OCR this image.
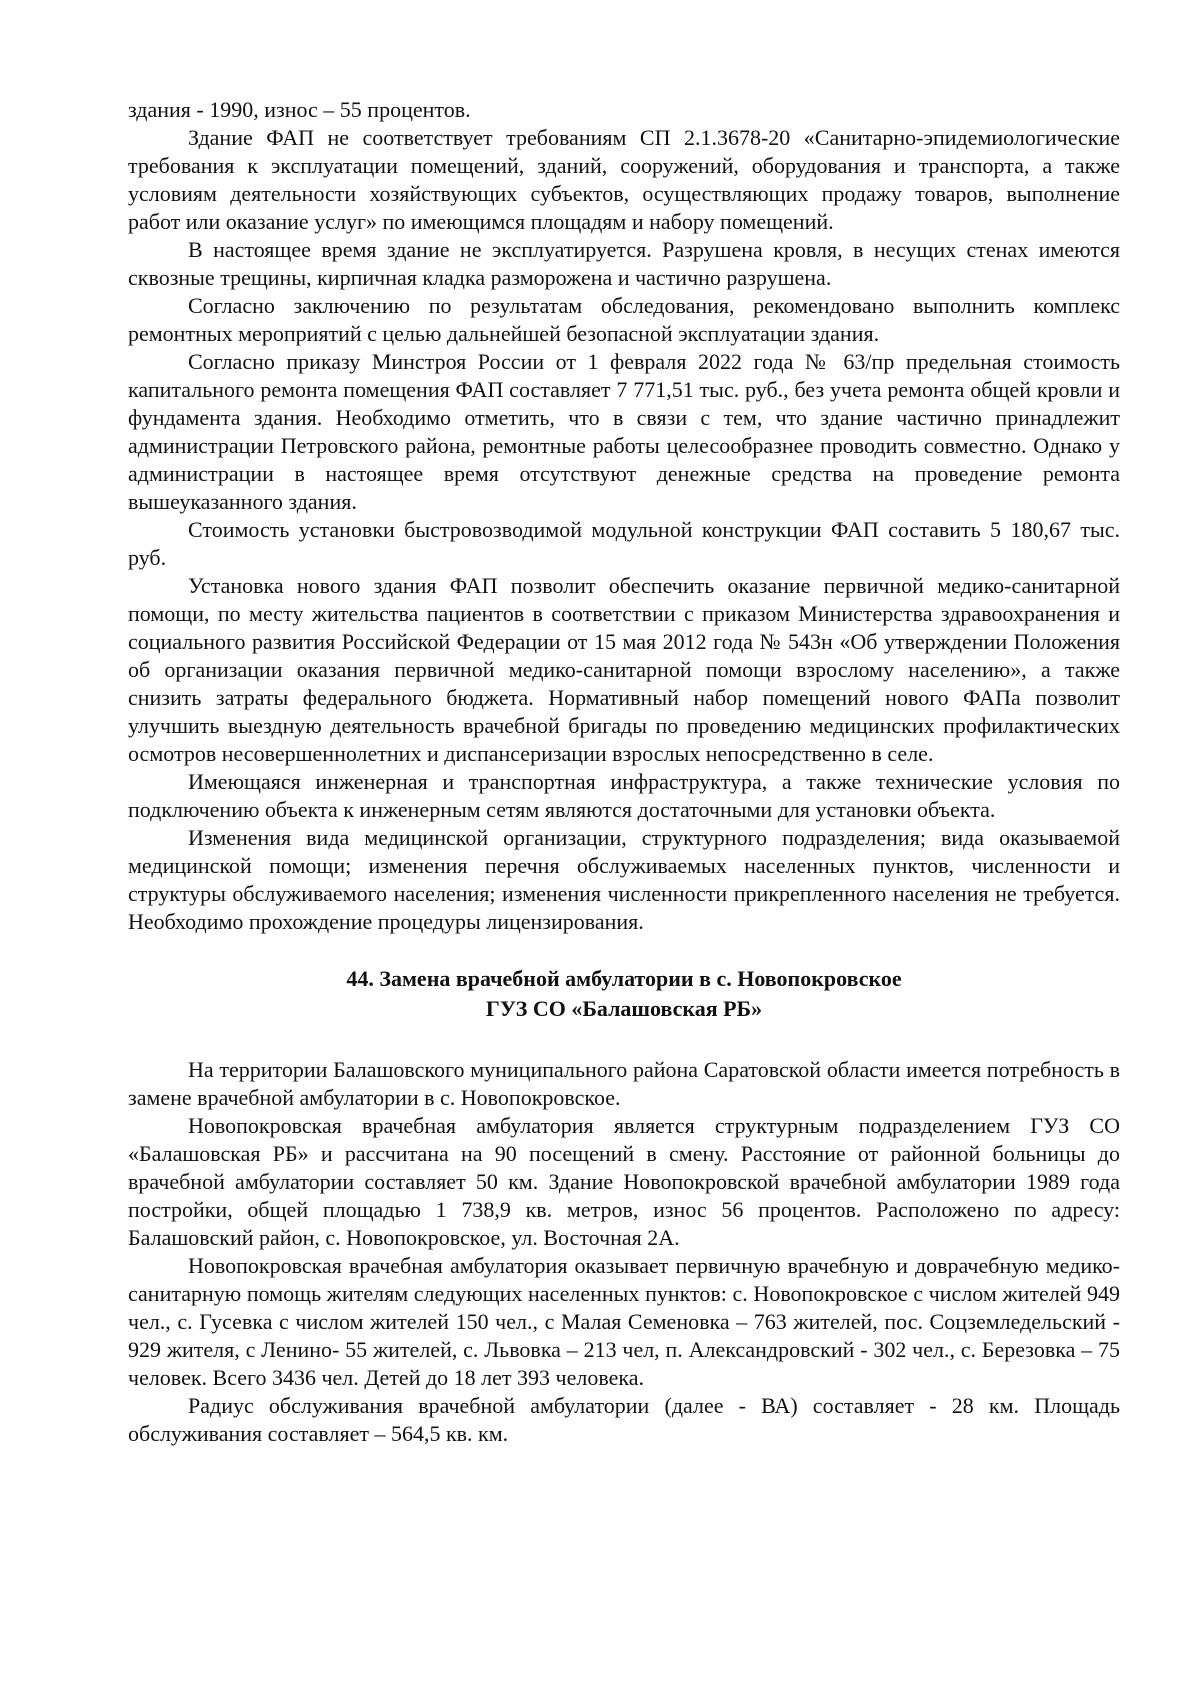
здания - 1990, износ – 55 процентов.

Здание ФАП не соответствует требованиям СП 2.1.3678-20 «Санитарно-эпидемиологические требования к эксплуатации помещений, зданий, сооружений, оборудования и транспорта, а также условиям деятельности хозяйствующих субъектов, осуществляющих продажу товаров, выполнение работ или оказание услуг» по имеющимся площадям и набору помещений.

В настоящее время здание не эксплуатируется. Разрушена кровля, в несущих стенах имеются сквозные трещины, кирпичная кладка разморожена и частично разрушена.

Согласно заключению по результатам обследования, рекомендовано выполнить комплекс ремонтных мероприятий с целью дальнейшей безопасной эксплуатации здания.

Согласно приказу Минстроя России от 1 февраля 2022 года № 63/пр предельная стоимость капитального ремонта помещения ФАП составляет 7 771,51 тыс. руб., без учета ремонта общей кровли и фундамента здания. Необходимо отметить, что в связи с тем, что здание частично принадлежит администрации Петровского района, ремонтные работы целесообразнее проводить совместно. Однако у администрации в настоящее время отсутствуют денежные средства на проведение ремонта вышеуказанного здания.

Стоимость установки быстровозводимой модульной конструкции ФАП составить 5 180,67 тыс. руб.

Установка нового здания ФАП позволит обеспечить оказание первичной медико-санитарной помощи, по месту жительства пациентов в соответствии с приказом Министерства здравоохранения и социального развития Российской Федерации от 15 мая 2012 года № 543н «Об утверждении Положения об организации оказания первичной медико-санитарной помощи взрослому населению», а также снизить затраты федерального бюджета. Нормативный набор помещений нового ФАПа позволит улучшить выездную деятельность врачебной бригады по проведению медицинских профилактических осмотров несовершеннолетних и диспансеризации взрослых непосредственно в селе.

Имеющаяся инженерная и транспортная инфраструктура, а также технические условия по подключению объекта к инженерным сетям являются достаточными для установки объекта.

Изменения вида медицинской организации, структурного подразделения; вида оказываемой медицинской помощи; изменения перечня обслуживаемых населенных пунктов, численности и структуры обслуживаемого населения; изменения численности прикрепленного населения не требуется. Необходимо прохождение процедуры лицензирования.

44. Замена врачебной амбулатории в с. Новопокровское
ГУЗ СО «Балашовская РБ»

На территории Балашовского муниципального района Саратовской области имеется потребность в замене врачебной амбулатории в с. Новопокровское.

Новопокровская врачебная амбулатория является структурным подразделением ГУЗ СО «Балашовская РБ» и рассчитана на 90 посещений в смену. Расстояние от районной больницы до врачебной амбулатории составляет 50 км. Здание Новопокровской врачебной амбулатории 1989 года постройки, общей площадью 1 738,9 кв. метров, износ 56 процентов. Расположено по адресу: Балашовский район, с. Новопокровское, ул. Восточная 2А.

Новопокровская врачебная амбулатория оказывает первичную врачебную и доврачебную медико-санитарную помощь жителям следующих населенных пунктов: с. Новопокровское с числом жителей 949 чел., с. Гусевка с числом жителей 150 чел., с Малая Семеновка – 763 жителей, пос. Соцземледельский - 929 жителя, с Ленино- 55 жителей, с. Львовка – 213 чел, п. Александровский - 302 чел., с. Березовка – 75 человек. Всего 3436 чел. Детей до 18 лет 393 человека.

Радиус обслуживания врачебной амбулатории (далее - ВА) составляет - 28 км. Площадь обслуживания составляет – 564,5 кв. км.
